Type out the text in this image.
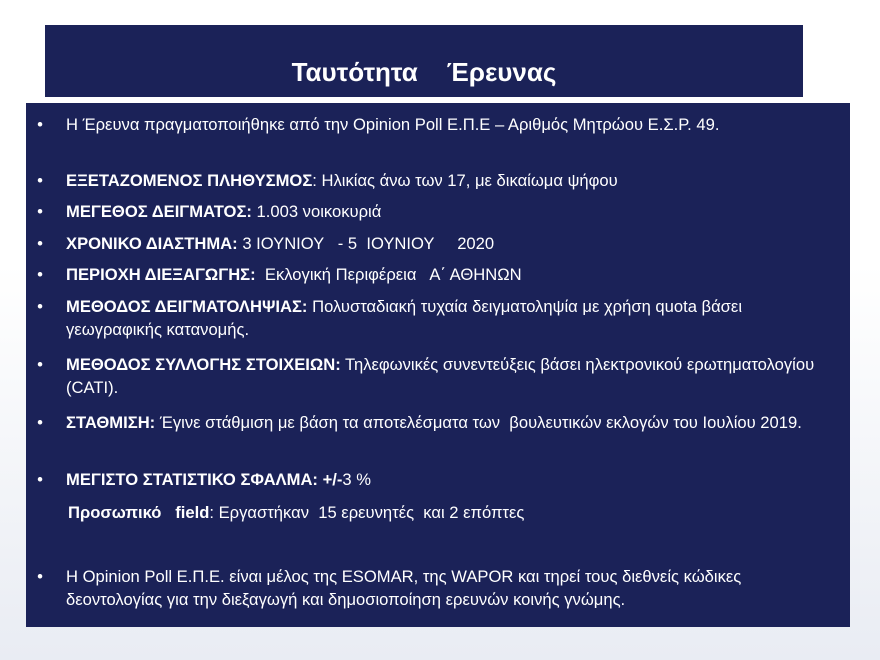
Ταυτότητα    Έρευνας
• Η Έρευνα πραγματοποιήθηκε από την Opinion Poll Ε.Π.Ε – Αριθμός Μητρώου Ε.Σ.Ρ. 49.
• ΕΞΕΤΑΖΟΜΕΝΟΣ ΠΛΗΘΥΣΜΟΣ: Ηλικίας άνω των 17, με δικαίωμα ψήφου
• ΜΕΓΕΘΟΣ ΔΕΙΓΜΑΤΟΣ: 1.003 νοικοκυριά
• ΧΡΟΝΙΚΟ ΔΙΑΣΤΗΜΑ: 3 ΙΟΥΝΙΟΥ   - 5  ΙΟΥΝΙΟΥ     2020
• ΠΕΡΙΟΧΗ ΔΙΕΞΑΓΩΓΗΣ:  Εκλογική Περιφέρεια   Α΄ ΑΘΗΝΩΝ
• ΜΕΘΟΔΟΣ ΔΕΙΓΜΑΤΟΛΗΨΙΑΣ: Πολυσταδιακή τυχαία δειγματοληψία με χρήση quota βάσει  γεωγραφικής κατανομής.
• ΜΕΘΟΔΟΣ ΣΥΛΛΟΓΗΣ ΣΤΟΙΧΕΙΩΝ: Τηλεφωνικές συνεντεύξεις βάσει ηλεκτρονικού ερωτηματολογίου (CATI).
• ΣΤΑΘΜΙΣΗ: Έγινε στάθμιση με βάση τα αποτελέσματα των  βουλευτικών εκλογών του Ιουλίου 2019.
• ΜΕΓΙΣΤΟ ΣΤΑΤΙΣΤΙΚΟ ΣΦΑΛΜΑ: +/-3 %
Προσωπικό   field: Εργαστήκαν  15 ερευνητές  και 2 επόπτες
• Η Opinion Poll Ε.Π.Ε. είναι μέλος της ESOMAR, της WAPOR και τηρεί τους διεθνείς κώδικες δεοντολογίας για την διεξαγωγή και δημοσιοποίηση ερευνών κοινής γνώμης.
